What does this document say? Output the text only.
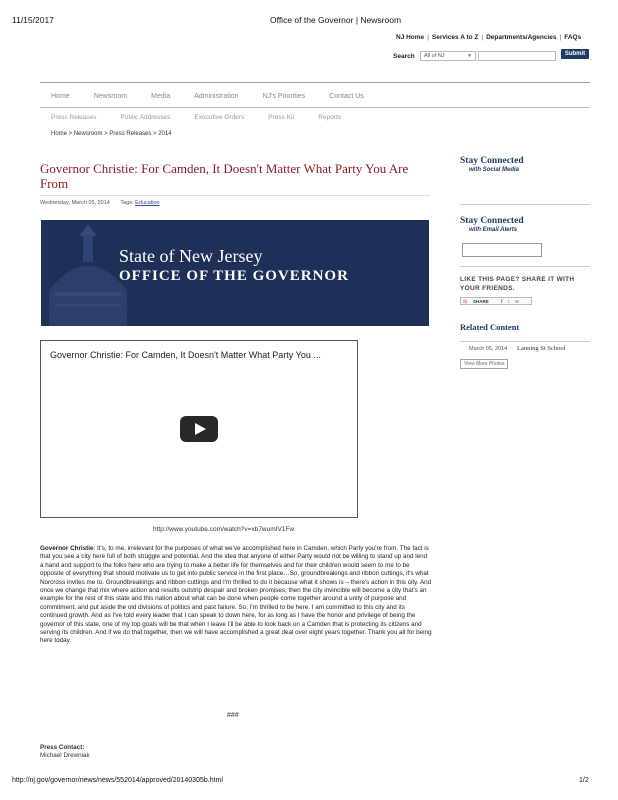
11/15/2017	Office of the Governor | Newsroom
NJ Home | Services A to Z | Departments/Agencies | FAQs
Search	All of NJ	▼	Submit
Home	Newsroom	Media	Administration	NJ's Priorities	Contact Us
Press Releases	Public Addresses	Executive Orders	Press Kit	Reports
Home > Newsroom > Press Releases > 2014
Governor Christie: For Camden, It Doesn't Matter What Party You Are From
Wednesday, March 05, 2014 Tags: Education
State of New Jersey
OFFICE OF THE GOVERNOR
Governor Christie: For Camden, It Doesn't Matter What Party You ...
http://www.youtube.com/watch?v=xb7wumIV1Fw
Governor Christie: It's, to me, irrelevant for the purposes of what we've accomplished here in Camden, which Party you're from. The fact is that you see a city here full of both struggle and potential. And the idea that anyone of either Party would not be willing to stand up and lend a hand and support to the folks here who are trying to make a better life for themselves and for their children would seem to me to be opposite of everything that should motivate us to get into public service in the first place…So, groundbreakings and ribbon cuttings, it's what Norcross invites me to. Groundbreakings and ribbon cuttings and I'm thrilled to do it because what it shows is – there's action in this city. And once we change that mix where action and results outstrip despair and broken promises, then the city invincible will become a city that's an example for the rest of this state and this nation about what can be done when people come together around a unity of purpose and commitment, and put aside the old divisions of politics and past failure. So, I'm thrilled to be here. I am committed to this city and its continued growth. And as I've told every leader that I can speak to down here, for as long as I have the honor and privilege of being the governor of this state, one of my top goals will be that when I leave I'll be able to look back on a Camden that is protecting its citizens and serving its children. And if we do that together, then we will have accomplished a great deal over eight years together. Thank you all for being here today.
###
Press Contact:
Michael Drewniak
Stay Connected
with Social Media
Stay Connected
with Email Alerts
LIKE THIS PAGE? SHARE IT WITH YOUR FRIENDS.
⊞ SHARE	f t ✉
Related Content
March 05, 2014 Lanning St School
View More Photos
http://nj.gov/governor/news/news/552014/approved/20140305b.html	1/2
